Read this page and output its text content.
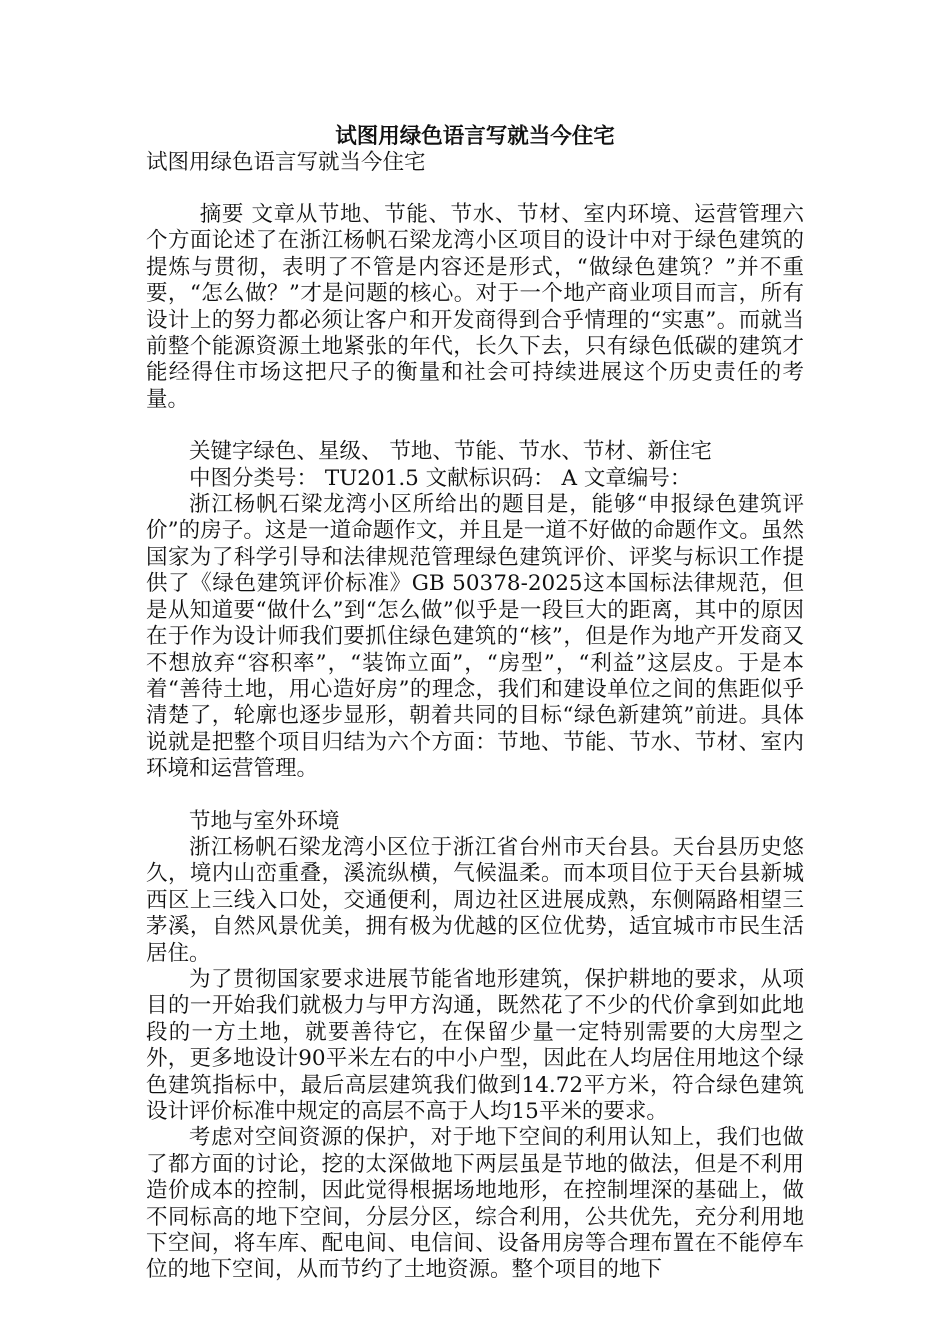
试图用绿色语言写就当今住宅

试图用绿色语言写就当今住宅

摘要 文章从节地、节能、节水、节材、室内环境、运营管理六个方面论述了在浙江杨帆石梁龙湾小区项目的设计中对于绿色建筑的提炼与贯彻，表明了不管是内容还是形式，“做绿色建筑？”并不重要，“怎么做？”才是问题的核心。对于一个地产商业项目而言，所有设计上的努力都必须让客户和开发商得到合乎情理的“实惠”。而就当前整个能源资源土地紧张的年代，长久下去，只有绿色低碳的建筑才能经得住市场这把尺子的衡量和社会可持续进展这个历史责任的考量。

关键字绿色、星级、 节地、节能、节水、节材、新住宅

中图分类号： TU201.5 文献标识码： A 文章编号：

浙江杨帆石梁龙湾小区所给出的题目是，能够“申报绿色建筑评价”的房子。这是一道命题作文，并且是一道不好做的命题作文。虽然国家为了科学引导和法律规范管理绿色建筑评价、评奖与标识工作提供了《绿色建筑评价标准》GB 50378-2025这本国标法律规范，但是从知道要“做什么”到“怎么做”似乎是一段巨大的距离，其中的原因在于作为设计师我们要抓住绿色建筑的“核”，但是作为地产开发商又不想放弃“容积率”，“装饰立面”，“房型”，“利益”这层皮。于是本着“善待土地，用心造好房”的理念，我们和建设单位之间的焦距似乎清楚了，轮廓也逐步显形，朝着共同的目标“绿色新建筑”前进。具体说就是把整个项目归结为六个方面：节地、节能、节水、节材、室内环境和运营管理。

节地与室外环境

浙江杨帆石梁龙湾小区位于浙江省台州市天台县。天台县历史悠久，境内山峦重叠，溪流纵横，气候温柔。而本项目位于天台县新城西区上三线入口处，交通便利，周边社区进展成熟，东侧隔路相望三茅溪，自然风景优美，拥有极为优越的区位优势，适宜城市市民生活居住。

为了贯彻国家要求进展节能省地形建筑，保护耕地的要求，从项目的一开始我们就极力与甲方沟通，既然花了不少的代价拿到如此地段的一方土地，就要善待它，在保留少量一定特别需要的大房型之外，更多地设计90平米左右的中小户型，因此在人均居住用地这个绿色建筑指标中，最后高层建筑我们做到14.72平方米，符合绿色建筑设计评价标准中规定的高层不高于人均15平米的要求。

考虑对空间资源的保护，对于地下空间的利用认知上，我们也做了都方面的讨论，挖的太深做地下两层虽是节地的做法，但是不利用造价成本的控制，因此觉得根据场地地形，在控制埋深的基础上，做不同标高的地下空间，分层分区，综合利用，公共优先，充分利用地下空间，将车库、配电间、电信间、设备用房等合理布置在不能停车位的地下空间，从而节约了土地资源。整个项目的地下
